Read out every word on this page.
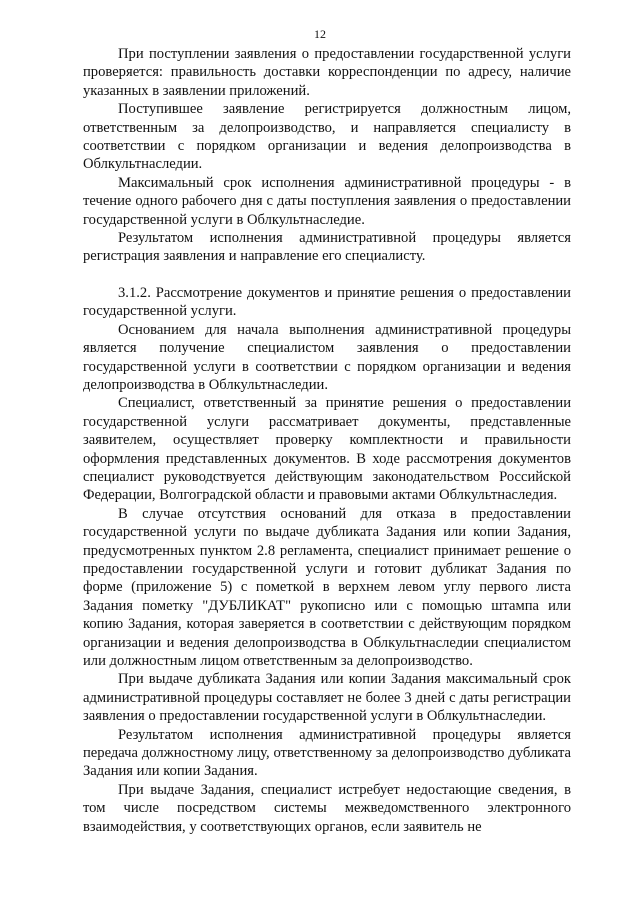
12

При поступлении заявления о предоставлении государственной услуги проверяется: правильность доставки корреспонденции по адресу, наличие указанных в заявлении приложений.

Поступившее заявление регистрируется должностным лицом, ответственным за делопроизводство, и направляется специалисту в соответствии с порядком организации и ведения делопроизводства в Облкультнаследии.

Максимальный срок исполнения административной процедуры - в течение одного рабочего дня с даты поступления заявления о предоставлении государственной услуги в Облкультнаследие.

Результатом исполнения административной процедуры является регистрация заявления и направление его специалисту.

3.1.2. Рассмотрение документов и принятие решения о предоставлении государственной услуги.

Основанием для начала выполнения административной процедуры является получение специалистом заявления о предоставлении государственной услуги в соответствии с порядком организации и ведения делопроизводства в Облкультнаследии.

Специалист, ответственный за принятие решения о предоставлении государственной услуги рассматривает документы, представленные заявителем, осуществляет проверку комплектности и правильности оформления представленных документов. В ходе рассмотрения документов специалист руководствуется действующим законодательством Российской Федерации, Волгоградской области и правовыми актами Облкультнаследия.

В случае отсутствия оснований для отказа в предоставлении государственной услуги по выдаче дубликата Задания или копии Задания, предусмотренных пунктом 2.8 регламента, специалист принимает решение о предоставлении государственной услуги и готовит дубликат Задания по форме (приложение 5) с пометкой в верхнем левом углу первого листа Задания пометку "ДУБЛИКАТ" рукописно или с помощью штампа или копию Задания, которая заверяется в соответствии с действующим порядком организации и ведения делопроизводства в Облкультнаследии специалистом или должностным лицом ответственным за делопроизводство.

При выдаче дубликата Задания или копии Задания максимальный срок административной процедуры составляет не более 3 дней с даты регистрации заявления о предоставлении государственной услуги в Облкультнаследии.

Результатом исполнения административной процедуры является передача должностному лицу, ответственному за делопроизводство дубликата Задания или копии Задания.

При выдаче Задания, специалист истребует недостающие сведения, в том числе посредством системы межведомственного электронного взаимодействия, у соответствующих органов, если заявитель не
